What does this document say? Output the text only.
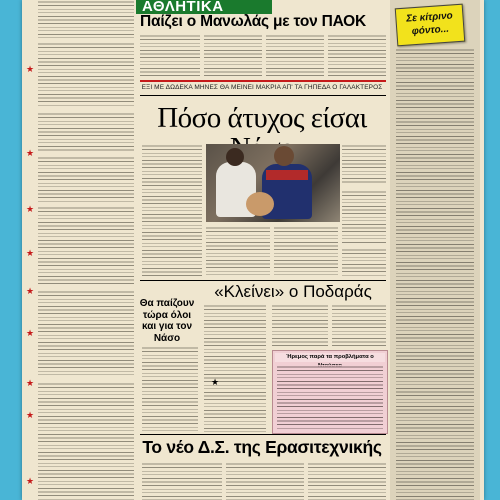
★
★
★
★
★
★
★
★
★
ΑΘΛΗΤΙΚΑ
Παίζει ο Μανωλάς με τον ΠΑΟΚ
ΕΞΙ ΜΕ ΔΩΔΕΚΑ ΜΗΝΕΣ ΘΑ ΜΕΙΝΕΙ ΜΑΚΡΙΑ ΑΠ' ΤΑ ΓΗΠΕΔΑ Ο ΓΑΛΑΚΤΕΡΟΣ
Πόσο άτυχος είσαι
Θα παίζουν τώρα όλοι και για τον Νάσο
«Κλείνει» ο Ποδαράς
★
Ήρεμος παρά τα προβλήματα ο
Το νέο Δ.Σ. της Ερασιτεχνικής
Σε κίτρινο φόντο...
